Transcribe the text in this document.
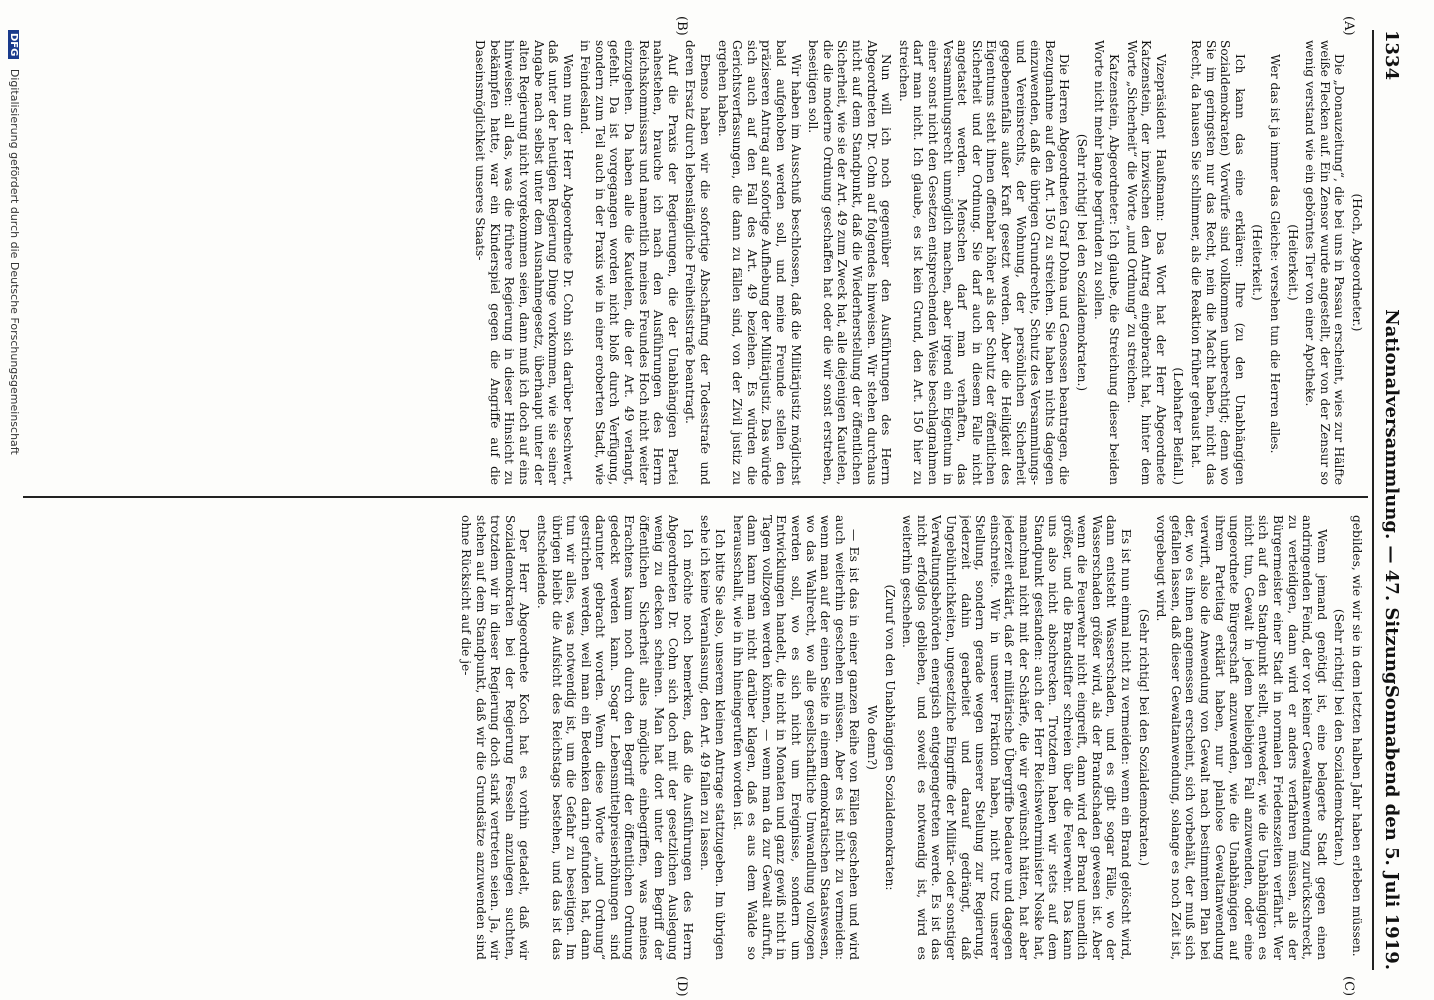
1334
Nationalversammlung. — 47. Sitzung.
Sonnabend den 5. Juli 1919.
(A)
(B)
(C)
(D)

(Hoch, Abgeordneter.)

Die „Donauzeitung“, die bei uns in Passau erscheint, wies zur Hälfte weiße Flecken auf. Ein Zensor wurde angestellt, der von der Zensur so wenig verstand wie ein gebörntes Tier von einer Apotheke.

(Heiterkeit.)

Wer das ist ja immer das Gleiche: versehen tun die Herren alles.

(Heiterkeit.)

Ich kann das eine erklären: Ihre (zu den Unabhängigen Sozialdemokraten) Vorwürfe sind vollkommen unberechtigt; denn wo Sie im geringsten nur das Recht, nein die Macht haben, nicht das Recht, da hausen Sie schlimmer, als die Reaktion früher gehaust hat.

(Lebhafter Beifall.)

Vizepräsident Haußmann: Das Wort hat der Herr Abgeordnete Katzenstein, der inzwischen den Antrag eingebracht hat, hinter dem Worte „Sicherheit“ die Worte „und Ordnung“ zu streichen.

Katzenstein, Abgeordneter: Ich glaube, die Streichung dieser beiden Worte nicht mehr lange begründen zu sollen.

(Sehr richtig! bei den Sozialdemokraten.)

Die Herren Abgeordneten Graf Dohna und Genossen beantragen, die Bezugnahme auf den Art. 150 zu streichen. Sie haben nichts dagegen einzuwenden, daß die übrigen Grundrechte, Schutz des Versammlungs- und Vereinsrechts, der Wohnung, der persönlichen Sicherheit gegebenenfalls außer Kraft gesetzt werden. Aber die Heiligkeit des Eigentums steht ihnen offenbar höher als der Schutz der öffentlichen Sicherheit und der Ordnung. Sie darf auch in diesem Falle nicht angetastet werden. Menschen darf man verhaften, das Versammlungsrecht unmöglich machen, aber irgend ein Eigentum in einer sonst nicht den Gesetzen entsprechenden Weise beschlagnahmen darf man nicht. Ich glaube, es ist kein Grund, den Art. 150 hier zu streichen.

Nun will ich noch gegenüber den Ausführungen des Herrn Abgeordneten Dr. Cohn auf folgendes hinweisen. Wir stehen durchaus nicht auf dem Standpunkt, daß die Wiederherstellung der öffentlichen Sicherheit, wie sie der Art. 49 zum Zweck hat, alle diejenigen Kautelen, die die moderne Ordnung geschaffen hat oder die wir sonst erstreben, beseitigen soll.

Wir haben im Ausschuß beschlossen, daß die Militärjustiz möglichst bald aufgehoben werden soll, und meine Freunde stellen den präziseren Antrag auf sofortige Aufhebung der Militärjustiz. Das würde sich auch auf den Fall des Art. 49 beziehen. Es würden die Gerichtsverfassungen, die dann zu fällen sind, von der Zivil justiz zu ergehen haben.

Ebenso haben wir die sofortige Abschaffung der Todesstrafe und deren Ersatz durch lebenslängliche Freiheitsstrafe beantragt.

Auf die Praxis der Regierungen, die der Unabhängigen Partei nahestehen, brauche ich nach den Ausführungen des Herrn Reichskommissars und namentlich meines Freundes Hoch nicht weiter einzugehen. Da haben alle die Kautelen, die der Art. 49 verlangt, gefehlt. Da ist vorgegangen worden nicht bloß durch Verfügung, sondern zum Teil auch in der Praxis wie in einer eroberten Stadt, wie in Feindesland.

Wenn nun der Herr Abgeordnete Dr. Cohn sich darüber beschwert, daß unter der heutigen Regierung Dinge vorkommen, wie sie seiner Angabe nach selbst unter dem Ausnahmegesetz, überhaupt unter der alten Regierung nicht vorgekommen seien, dann muß ich doch auf eins hinweisen: all das, was die frühere Regierung in dieser Hinsicht zu bekämpfen hatte, war ein Kinderspiel gegen die Angriffe auf die Daseinsmöglichkeit unseres Staats-

gebildes, wie wir sie in dem letzten halben Jahr haben erleben müssen.

(Sehr richtig! bei den Sozialdemokraten.)

Wenn jemand genötigt ist, eine belagerte Stadt gegen einen andringenden Feind, der vor keiner Gewaltanwendung zurückschreckt, zu verteidigen, dann wird er anders verfahren müssen, als der Bürgermeister einer Stadt in normalen Friedenszeiten verfährt. Wer sich auf den Standpunkt stellt, entweder, wie die Unabhängigen es nicht tun, Gewalt in jedem beliebigen Fall anzuwenden, oder eine ungeordnete Bürgerschaft anzuwenden, wie die Unabhängigen auf ihrem Parteitag erklärt haben, nur planlose Gewaltanwendung verwirft, also die Anwendung von Gewalt nach bestimmtem Plan bei der, wo es ihnen angemessen erscheint, sich vorbehält, der muß sich gefallen lassen, daß dieser Gewaltanwendung, solange es noch Zeit ist, vorgebeugt wird.

(Sehr richtig! bei den Sozialdemokraten.)

Es ist nun einmal nicht zu vermeiden: wenn ein Brand gelöscht wird, dann entsteht Wasserschaden, und es gibt sogar Fälle, wo der Wasserschaden größer wird, als der Brandschaden gewesen ist. Aber wenn die Feuerwehr nicht eingreift, dann wird der Brand unendlich größer, und die Brandstifter schreien über die Feuerwehr. Das kann uns also nicht abschrecken. Trotzdem haben wir stets auf dem Standpunkt gestanden: auch der Herr Reichswehrminister Noske hat, manchmal nicht mit der Schärfe, die wir gewünscht hätten, hat aber jederzeit erklärt, daß er militärische Übergriffe bedauere und dagegen einschreite. Wir in unserer Fraktion haben, nicht trotz unserer Stellung, sondern gerade wegen unserer Stellung zur Regierung, jederzeit dahin gearbeitet und darauf gedrängt, daß Ungebührlichkeiten, ungesetzliche Eingriffe der Militär- oder sonstiger Verwaltungsbehörden energisch entgegengetreten werde. Es ist das nicht erfolglos geblieben, und soweit es notwendig ist, wird es weiterhin geschehen.

(Zuruf von den Unabhängigen Sozialdemokraten:

Wo denn?)

— Es ist das in einer ganzen Reihe von Fällen geschehen und wird auch weiterhin geschehen müssen. Aber es ist nicht zu vermeiden: wenn man auf der einen Seite in einem demokratischen Staatswesen, wo das Wahlrecht, wo alle gesellschaftliche Umwandlung vollzogen werden soll, wo es sich nicht um Ereignisse, sondern um Entwicklungen handelt, die nicht in Monaten und ganz gewiß nicht in Tagen vollzogen werden können, — wenn man da zur Gewalt aufruft, dann kann man nicht darüber klagen, daß es aus dem Walde so herausschallt, wie in ihn hineingerufen worden ist.

Ich bitte Sie also, unserem kleinen Antrage stattzugeben. Im übrigen sehe ich keine Veranlassung, den Art. 49 fallen zu lassen.

Ich möchte noch bemerken, daß die Ausführungen des Herrn Abgeordneten Dr. Cohn sich doch mit der gesetzlichen Auslegung wenig zu decken scheinen. Man hat dort unter dem Begriff der öffentlichen Sicherheit alles mögliche einbegriffen, was meines Erachtens kaum noch durch den Begriff der öffentlichen Ordnung gedeckt werden kann. Sogar Lebensmittelpreiserhöhungen sind darunter gebracht worden. Wenn diese Worte „und Ordnung“ gestrichen werden, weil man ein Bedenken darin gefunden hat, dann tun wir alles, was notwendig ist, um die Gefahr zu beseitigen. Im übrigen bleibt die Aufsicht des Reichstags bestehen, und das ist das entscheidende.

Der Herr Abgeordnete Koch hat es vorhin getadelt, daß wir Sozialdemokraten bei der Regierung Fesseln anzulegen suchten, trotzdem wir in dieser Regierung doch stark vertreten seien. Ja, wir stehen auf dem Standpunkt, daß wir die Grundsätze anzuwenden sind ohne Rücksicht auf die je-

DFG Digitalisierung gefördert durch die Deutsche Forschungsgemeinschaft
